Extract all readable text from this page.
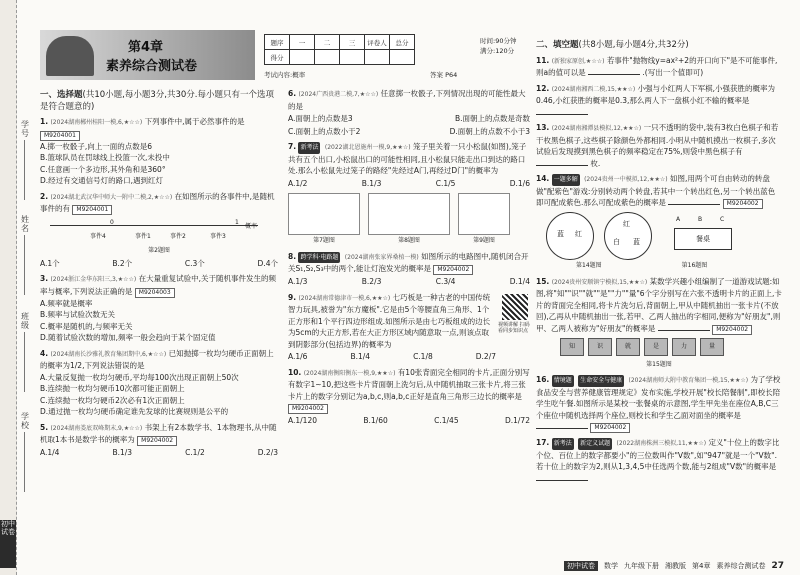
学号
姓名
班级
学校
初中试卷
第4章
素养综合测试卷
题序	一	二	三	评卷人	总分
得分					
时间:90分钟
满分:120分
考试内容:概率	答案 P64
一、选择题(共10小题,每小题3分,共30分.每小题只有一个选项是符合题意的)
1. (2024湖南郴州桂阳一模,6,★☆☆) 下列事件中,属于必然事件的是 M9204001
A.掷一枚骰子,向上一面的点数是6
B.篮球队员在罚球线上投篮一次,未投中
C.任意画一个多边形,其外角和是360°
D.经过有交通信号灯的路口,遇到红灯
2. (2024湖北武汉华中师大一附中二模,2,★☆☆) 在如图所示的各事件中,是随机事件的有 M9204001
0	1
概率
事件4	事件1	事件2	事件3
第2题图
A.1个	B.2个	C.3个	D.4个
3. (2024浙江金华东阳三,3,★☆☆) 在大量重复试验中,关于随机事件发生的频率与概率,下列说法正确的是 M9204003
A.频率就是概率
B.频率与试验次数无关
C.概率是随机的,与频率无关
D.随着试验次数的增加,频率一般会趋向于某个固定值
4. (2024湖南长沙雅礼教育集团期中,6,★☆☆) 已知抛掷一枚均匀硬币正面朝上的概率为1/2,下列说法错误的是
A.大量反复抛一枚均匀硬币,平均每100次出现正面朝上50次
B.连续抛一枚均匀硬币10次都可能正面朝上
C.连续抛一枚均匀硬币2次必有1次正面朝上
D.通过抛一枚均匀硬币确定谁先发球的比赛规则是公平的
5. (2024湖南娄底双峰期末,9,★☆☆) 书架上有2本数学书、1本物理书,从中随机取1本书是数学书的概率为 M9204002
A.1/4	B.1/3	C.1/2	D.2/3
6. (2024广西贵港二模,7,★☆☆) 任意掷一枚骰子,下列情况出现的可能性最大的是
A.面朝上的点数是3	B.面朝上的点数是奇数
C.面朝上的点数小于2	D.面朝上的点数不小于3
7. 新考法 (2022湖北恩施州一模,9,★★☆) 笼子里关着一只小松鼠(如图),笼子共有五个出口,小松鼠出口的可能性相同,且小松鼠只能走出口到达的路口处.那么小松鼠先过笼子的路经"先经过A门,再经过D门"的概率为
A.1/2	B.1/3	C.1/5	D.1/6
第7题图	第8题图	第9题图
8. 跨学科·电路题 (2024湖南张家界桑植一模) 如图所示的电路图中,随机闭合开关S₁,S₂,S₃中的两个,能让灯泡发光的概率是 M9204002
A.1/3	B.2/3	C.3/4	D.1/4
9. (2024湖南常德津市一模,6,★★☆) 七巧板是一种古老的中国传统智力玩具,被誉为"东方魔板".它是由5个等腰直角三角形、1个正方形和1个平行四边形组成.如图所示是由七巧板组成的边长为5cm的大正方形,若在大正方形区域内随意取一点,则该点取到阴影部分(包括边界)的概率为
视频讲解 扫码看同步知识点
A.1/6	B.1/4	C.1/8	D.2/7
10. (2024湖南衡阳衡东一模,9,★★☆) 有10张背面完全相同的卡片,正面分别写有数字1~10,把这些卡片背面朝上洗匀后,从中随机抽取三张卡片,将三张卡片上的数字分别记为a,b,c,则a,b,c正好是直角三角形三边长的概率是 M9204002
A.1/120	B.1/60	C.1/45	D.1/72
二、填空题(共8小题,每小题4分,共32分)
11. (新独家原创,★☆☆) 若事件"抛物线y=ax²+2的开口向下"是不可能事件,则a的值可以是	.(写出一个值即可)
12. (2024湖南湘西二模,15,★★☆) 小强与小红两人下军棋,小强获胜的概率为0.46,小红获胜的概率是0.3,那么两人下一盘棋小红不输的概率是
13. (2024湖南湘潭县模拟,12,★★☆) 一只不透明的袋中,装有3枚白色棋子和若干枚黑色棋子,这些棋子除颜色外都相同.小明从中随机摸出一枚棋子,多次试验后发现摸到黑色棋子的频率稳定在75%,则袋中黑色棋子有  枚.
14. 一题多解 (2024贵州一中模拟,12,★★☆) 如图,用两个可自由转动的转盘做"配紫色"游戏:分别转动两个转盘,若其中一个转出红色,另一个转出蓝色即可配成紫色.那么可配成紫色的概率是	M9204002
蓝 红
红
白 蓝	餐桌
A	B	C
第14题图	第16题图
15. (2024贵州安顺镇宁模拟,15,★★☆) 某数学兴趣小组编制了一道游戏试题:如图,将"知""识""就""是""力""量"6个字分别写在六张不透明卡片的正面上,卡片的背面完全相同,将卡片洗匀后,背面朝上,甲从中随机抽出一张卡片(不放回),乙再从中随机抽出一张,若甲、乙两人抽出的字相同,便称为"好朋友",则甲、乙两人被称为"好朋友"的概率是	M9204002
知	识	就	是	力	量
第15题图
16. 情境题 生命安全与健康 (2024湖南师大附中教育集团一模,15,★★☆) 为了学校食品安全与营养健康管理规定》发布实施,学校开展"校长陪餐制",即校长陪学生吃午餐.如图所示是某校一张餐桌的示意图,学生甲先坐在座位A,B,C三个座位中随机选择两个座位,则校长和学生乙面对面坐的概率是  M9204002
17. 新考法 新定义试题 (2022湖南株洲三模拟,11,★★☆) 定义"十位上的数字比个位、百位上的数字都要小"的三位数叫作"V数",如"947"就是一个"V数".若十位上的数字为2,则从1,3,4,5中任选两个数,能与2组成"V数"的概率是
初中试卷	数学 九年级下册 湘教版 第4章 素养综合测试卷 27
